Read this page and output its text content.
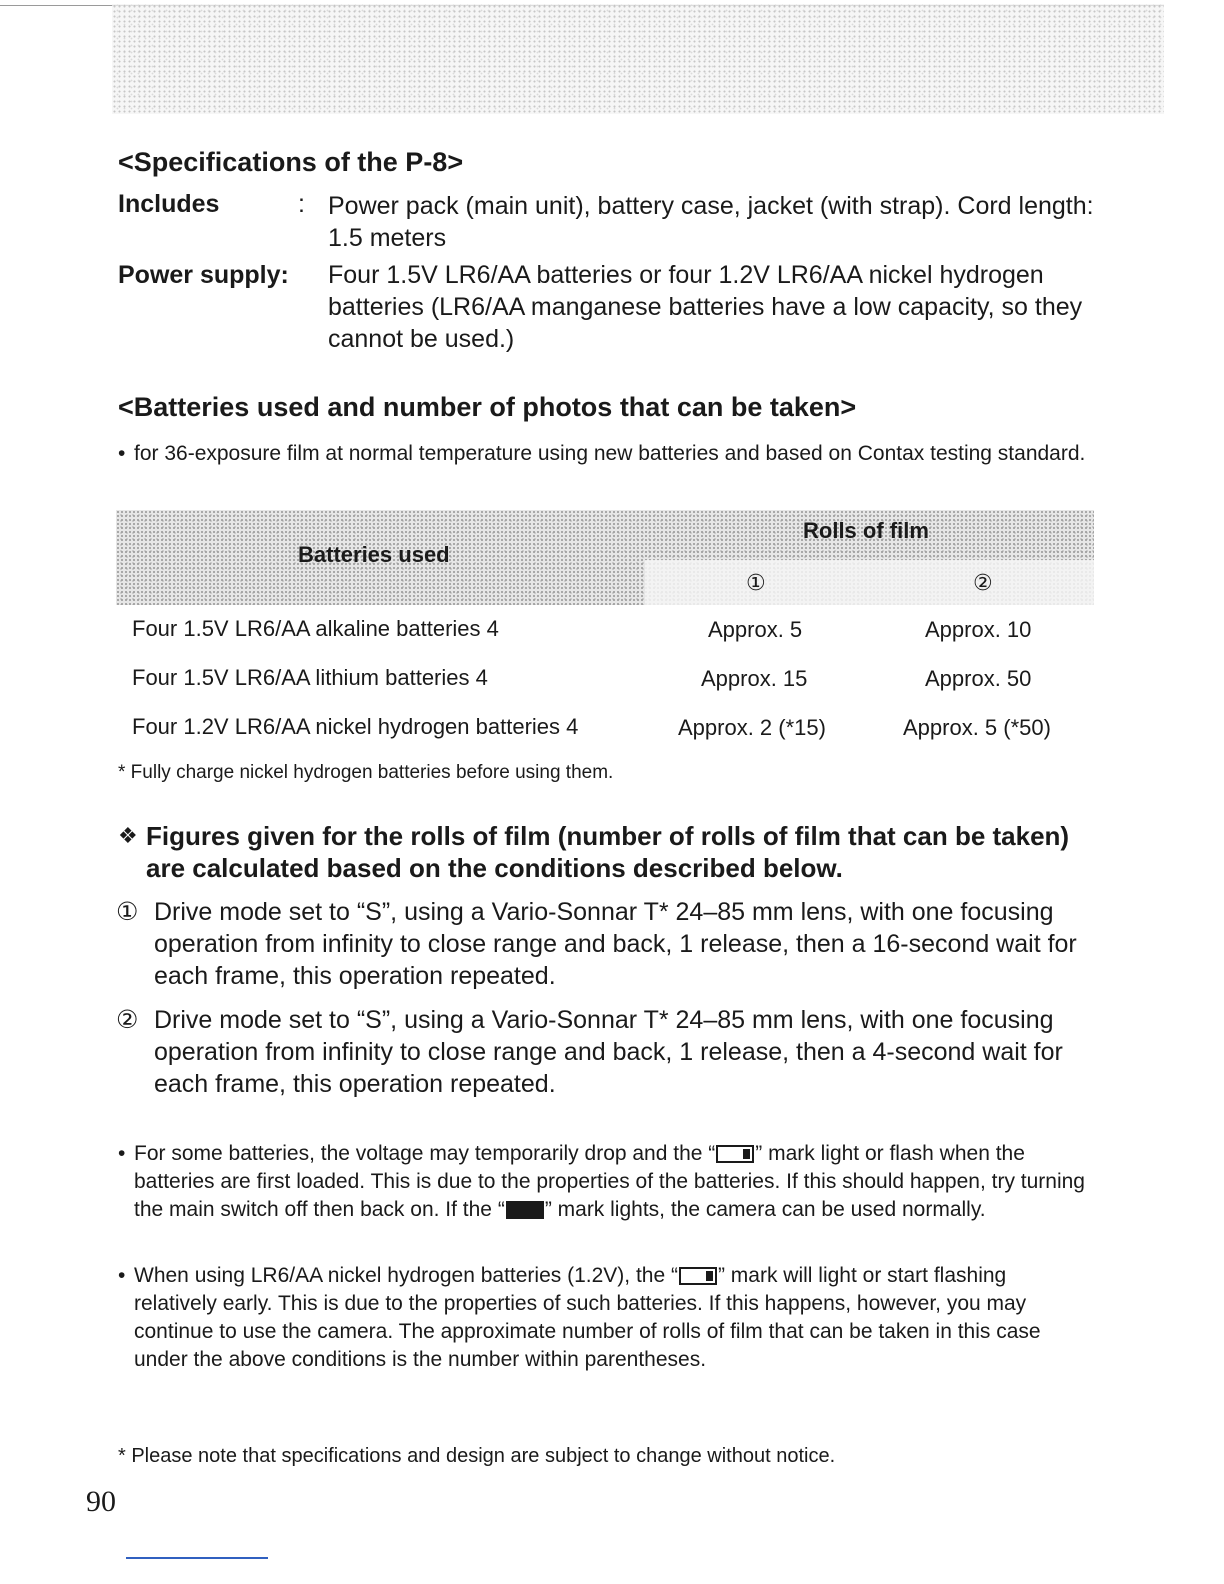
<Specifications of the P-8>
Includes	: Power pack (main unit), battery case, jacket (with strap). Cord length: 1.5 meters
Power supply: Four 1.5V LR6/AA batteries or four 1.2V LR6/AA nickel hydrogen batteries (LR6/AA manganese batteries have a low capacity, so they cannot be used.)
<Batteries used and number of photos that can be taken>
• for 36-exposure film at normal temperature using new batteries and based on Contax testing standard.
Batteries used
Rolls of film
①	②
Four 1.5V LR6/AA alkaline batteries 4	Approx. 5	Approx. 10
Four 1.5V LR6/AA lithium batteries 4	Approx. 15	Approx. 50
Four 1.2V LR6/AA nickel hydrogen batteries 4	Approx. 2 (*15)	Approx. 5 (*50)
* Fully charge nickel hydrogen batteries before using them.
❖ Figures given for the rolls of film (number of rolls of film that can be taken) are calculated based on the conditions described below.
① Drive mode set to “S”, using a Vario-Sonnar T* 24–85 mm lens, with one focusing operation from infinity to close range and back, 1 release, then a 16-second wait for each frame, this operation repeated.
② Drive mode set to “S”, using a Vario-Sonnar T* 24–85 mm lens, with one focusing operation from infinity to close range and back, 1 release, then a 4-second wait for each frame, this operation repeated.
• For some batteries, the voltage may temporarily drop and the “ ” mark light or flash when the batteries are first loaded. This is due to the properties of the batteries. If this should happen, try turning the main switch off then back on. If the “ ” mark lights, the camera can be used normally.
• When using LR6/AA nickel hydrogen batteries (1.2V), the “ ” mark will light or start flashing relatively early. This is due to the properties of such batteries. If this happens, however, you may continue to use the camera. The approximate number of rolls of film that can be taken in this case under the above conditions is the number within parentheses.
* Please note that specifications and design are subject to change without notice.
90
